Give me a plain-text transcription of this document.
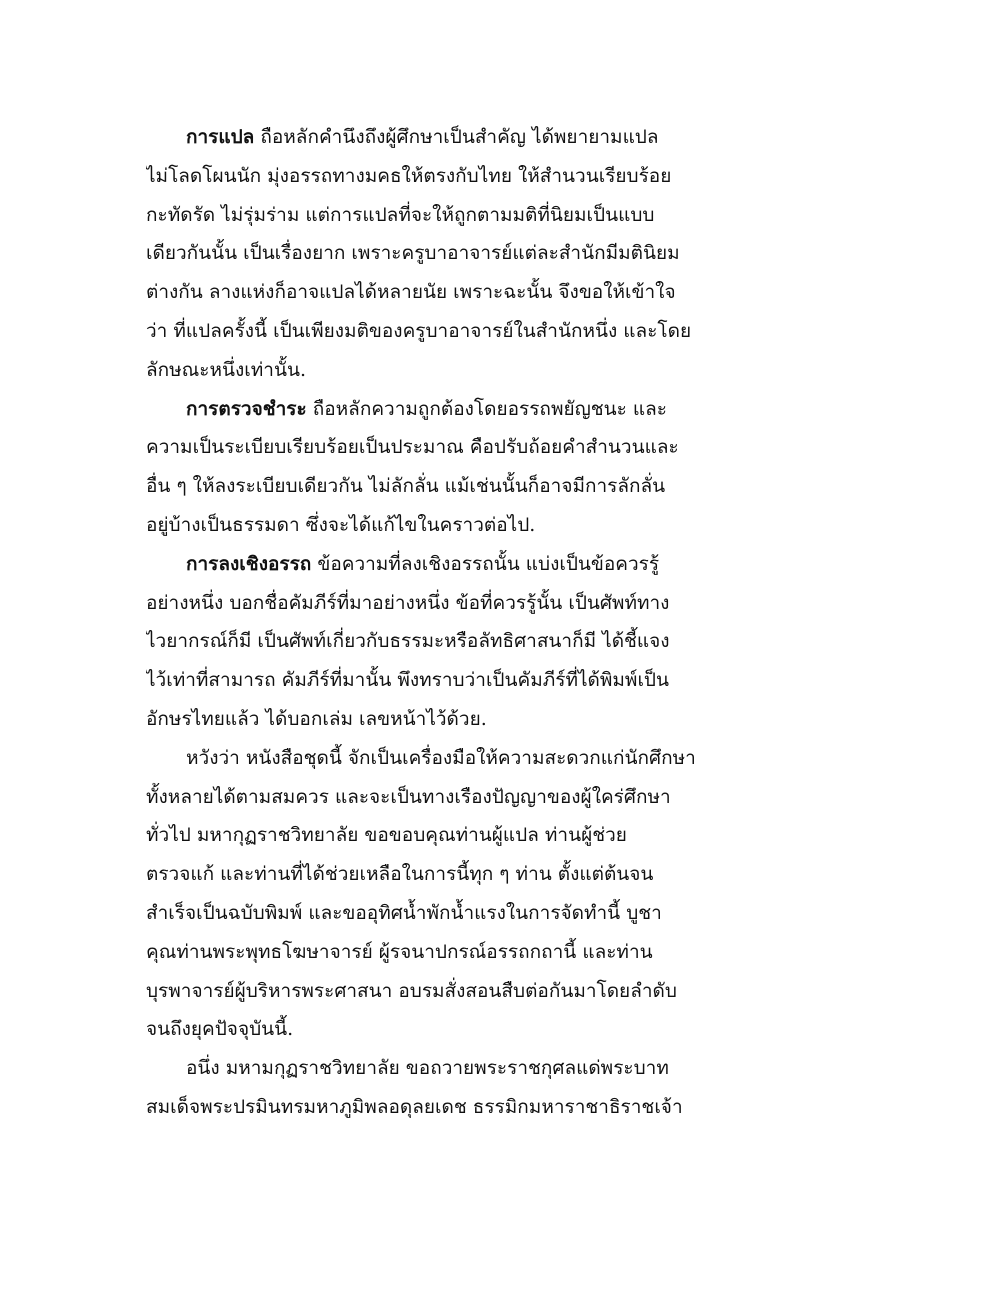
การแปล ถือหลักคำนึงถึงผู้ศึกษาเป็นสำคัญ ได้พยายามแปล
ไม่โลดโผนนัก มุ่งอรรถทางมคธให้ตรงกับไทย ให้สำนวนเรียบร้อย
กะทัดรัด ไม่รุ่มร่าม แต่การแปลที่จะให้ถูกตามมติที่นิยมเป็นแบบ
เดียวกันนั้น เป็นเรื่องยาก เพราะครูบาอาจารย์แต่ละสำนักมีมตินิยม
ต่างกัน ลางแห่งก็อาจแปลได้หลายนัย เพราะฉะนั้น จึงขอให้เข้าใจ
ว่า ที่แปลครั้งนี้ เป็นเพียงมติของครูบาอาจารย์ในสำนักหนึ่ง และโดย
ลักษณะหนึ่งเท่านั้น.
การตรวจชำระ ถือหลักความถูกต้องโดยอรรถพยัญชนะ และ
ความเป็นระเบียบเรียบร้อยเป็นประมาณ คือปรับถ้อยคำสำนวนและ
อื่น ๆ ให้ลงระเบียบเดียวกัน ไม่ลักลั่น แม้เช่นนั้นก็อาจมีการลักลั่น
อยู่บ้างเป็นธรรมดา ซึ่งจะได้แก้ไขในคราวต่อไป.
การลงเชิงอรรถ ข้อความที่ลงเชิงอรรถนั้น แบ่งเป็นข้อควรรู้
อย่างหนึ่ง บอกชื่อคัมภีร์ที่มาอย่างหนึ่ง ข้อที่ควรรู้นั้น เป็นศัพท์ทาง
ไวยากรณ์ก็มี เป็นศัพท์เกี่ยวกับธรรมะหรือลัทธิศาสนาก็มี ได้ชี้แจง
ไว้เท่าที่สามารถ คัมภีร์ที่มานั้น พึงทราบว่าเป็นคัมภีร์ที่ได้พิมพ์เป็น
อักษรไทยแล้ว ได้บอกเล่ม เลขหน้าไว้ด้วย.
หวังว่า หนังสือชุดนี้ จักเป็นเครื่องมือให้ความสะดวกแก่นักศึกษา
ทั้งหลายได้ตามสมควร และจะเป็นทางเรืองปัญญาของผู้ใคร่ศึกษา
ทั่วไป มหากุฏราชวิทยาลัย ขอขอบคุณท่านผู้แปล ท่านผู้ช่วย
ตรวจแก้ และท่านที่ได้ช่วยเหลือในการนี้ทุก ๆ ท่าน ตั้งแต่ต้นจน
สำเร็จเป็นฉบับพิมพ์ และขออุทิศน้ำพักน้ำแรงในการจัดทำนี้ บูชา
คุณท่านพระพุทธโฆษาจารย์ ผู้รจนาปกรณ์อรรถกถานี้ และท่าน
บุรพาจารย์ผู้บริหารพระศาสนา อบรมสั่งสอนสืบต่อกันมาโดยลำดับ
จนถึงยุคปัจจุบันนี้.
อนึ่ง มหามกุฏราชวิทยาลัย ขอถวายพระราชกุศลแด่พระบาท
สมเด็จพระปรมินทรมหาภูมิพลอดุลยเดช ธรรมิกมหาราชาธิราชเจ้า
